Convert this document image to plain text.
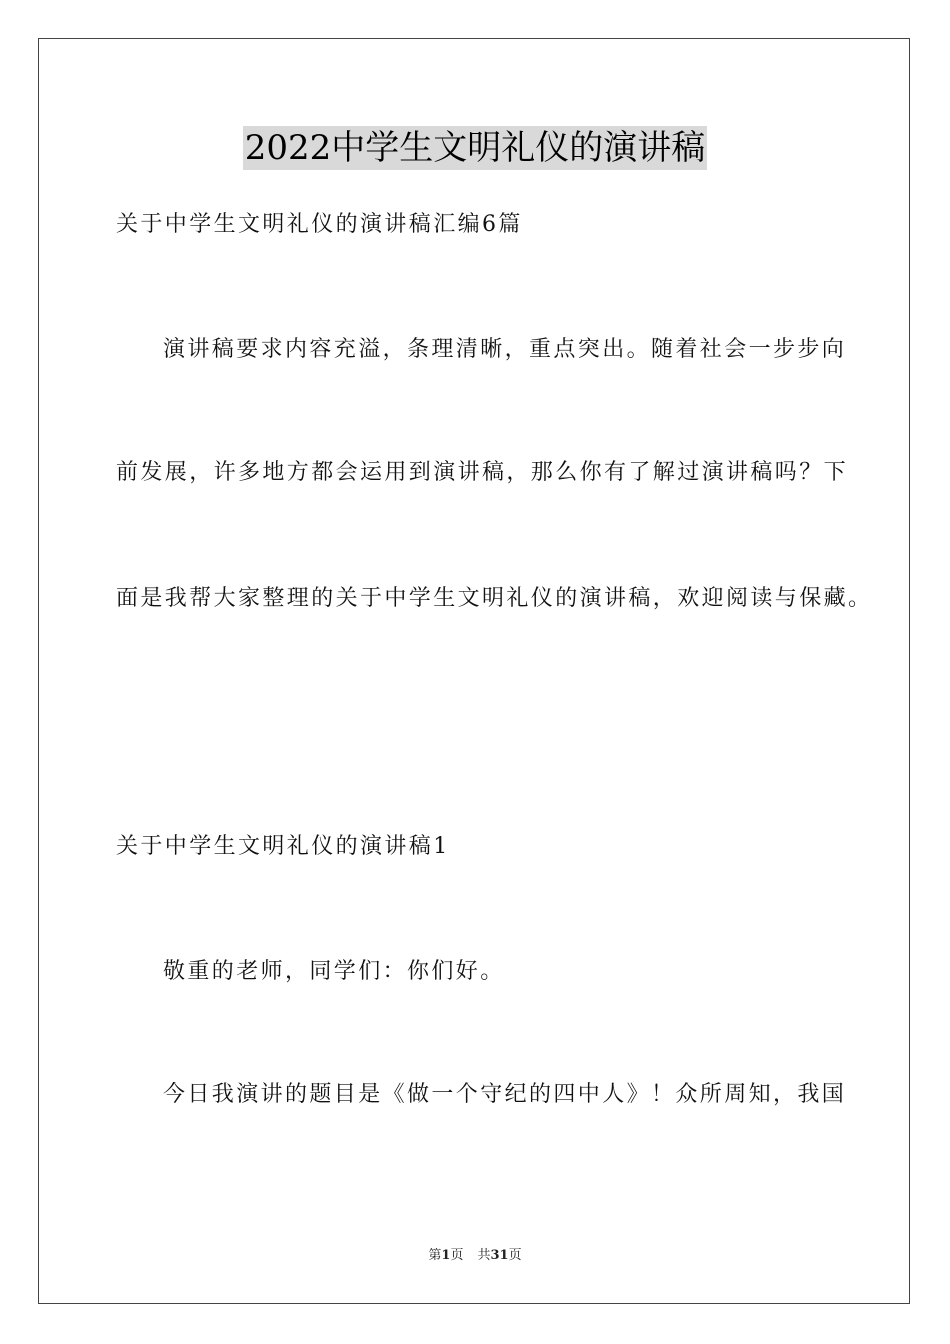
2022中学生文明礼仪的演讲稿
关于中学生文明礼仪的演讲稿汇编6篇
演讲稿要求内容充溢，条理清晰，重点突出。随着社会一步步向
前发展，许多地方都会运用到演讲稿，那么你有了解过演讲稿吗？下
面是我帮大家整理的关于中学生文明礼仪的演讲稿，欢迎阅读与保藏。
关于中学生文明礼仪的演讲稿1
敬重的老师，同学们：你们好。
今日我演讲的题目是《做一个守纪的四中人》！众所周知，我国
第1页 共31页
